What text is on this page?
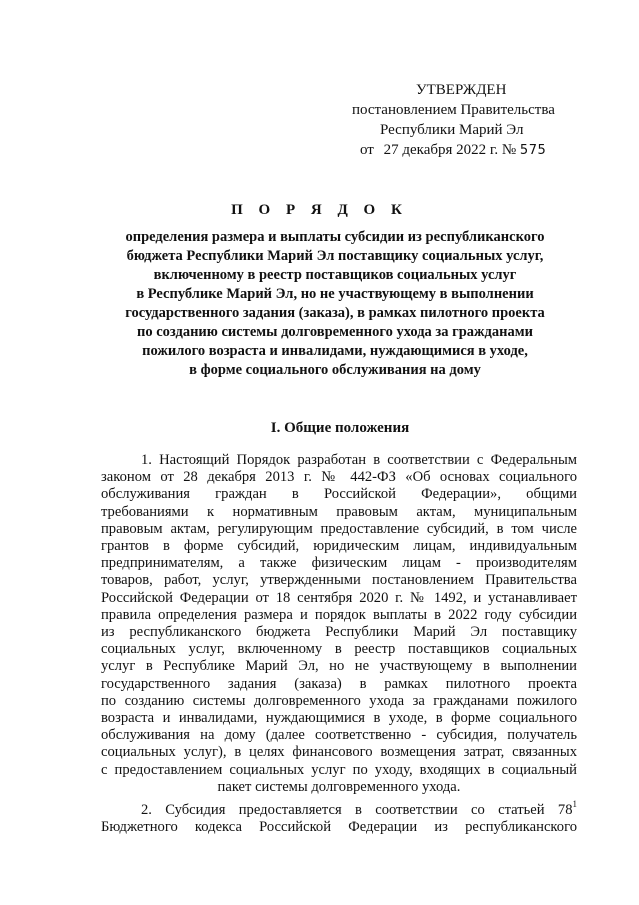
УТВЕРЖДЕН
постановлением Правительства
Республики Марий Эл
от 27 декабря 2022 г. № 575
П О Р Я Д О К
определения размера и выплаты субсидии из республиканского
бюджета Республики Марий Эл поставщику социальных услуг,
включенному в реестр поставщиков социальных услуг
в Республике Марий Эл, но не участвующему в выполнении
государственного задания (заказа), в рамках пилотного проекта
по созданию системы долговременного ухода за гражданами
пожилого возраста и инвалидами, нуждающимися в уходе,
в форме социального обслуживания на дому
I. Общие положения
1. Настоящий Порядок разработан в соответствии с Федеральным
законом от 28 декабря 2013 г. № 442-ФЗ «Об основах социального
обслуживания граждан в Российской Федерации», общими
требованиями к нормативным правовым актам, муниципальным
правовым актам, регулирующим предоставление субсидий, в том числе
грантов в форме субсидий, юридическим лицам, индивидуальным
предпринимателям, а также физическим лицам - производителям
товаров, работ, услуг, утвержденными постановлением Правительства
Российской Федерации от 18 сентября 2020 г. № 1492, и устанавливает
правила определения размера и порядок выплаты в 2022 году субсидии
из республиканского бюджета Республики Марий Эл поставщику
социальных услуг, включенному в реестр поставщиков социальных
услуг в Республике Марий Эл, но не участвующему в выполнении
государственного задания (заказа) в рамках пилотного проекта
по созданию системы долговременного ухода за гражданами пожилого
возраста и инвалидами, нуждающимися в уходе, в форме социального
обслуживания на дому (далее соответственно - субсидия, получатель
социальных услуг), в целях финансового возмещения затрат, связанных
с предоставлением социальных услуг по уходу, входящих в социальный
пакет системы долговременного ухода.
2. Субсидия предоставляется в соответствии со статьей $78^1$
Бюджетного кодекса Российской Федерации из республиканского
